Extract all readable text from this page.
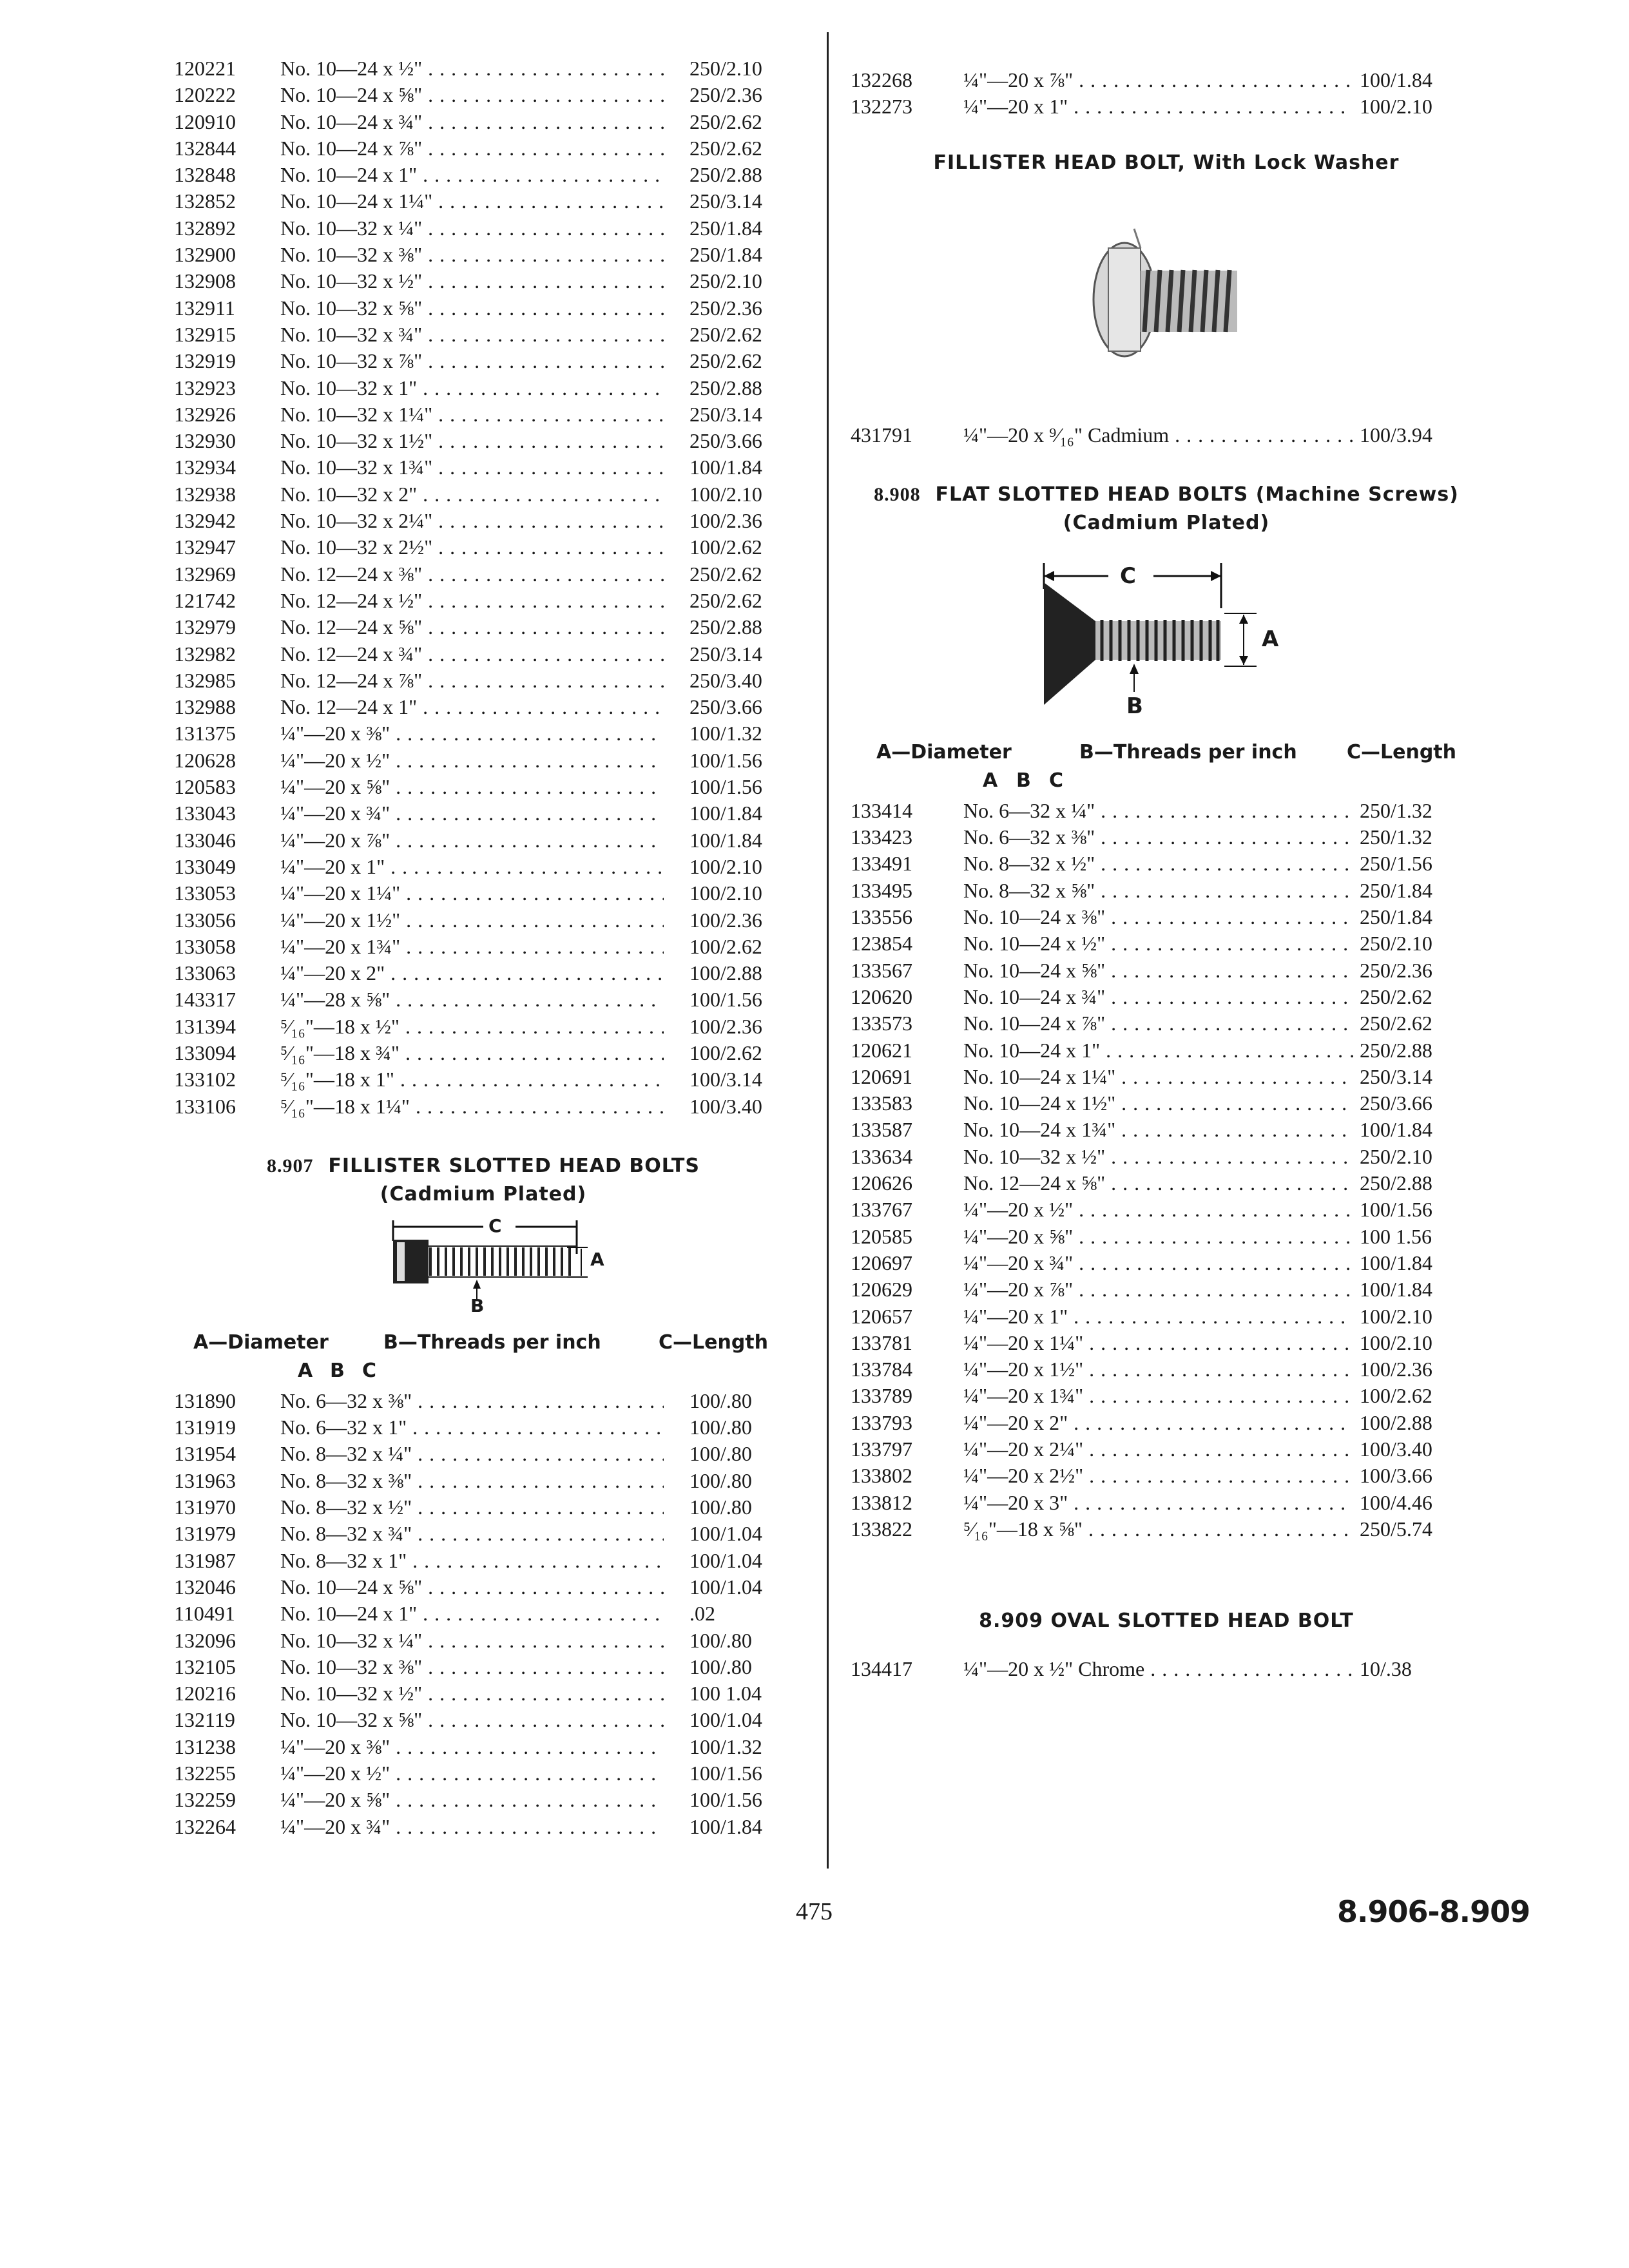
120221 No. 10—24 x ½" . . .	250/2.10
120222 No. 10—24 x ⅝" . . .	250/2.36
120910 No. 10—24 x ¾" . . .	250/2.62
132844 No. 10—24 x ⅞" . . .	250/2.62
132848 No. 10—24 x 1" . . .	250/2.88
132852 No. 10—24 x 1¼" . . .	250/3.14
132892 No. 10—32 x ¼" . . .	250/1.84
132900 No. 10—32 x ⅜" . . .	250/1.84
132908 No. 10—32 x ½" . . .	250/2.10
132911 No. 10—32 x ⅝" . . .	250/2.36
132915 No. 10—32 x ¾" . . .	250/2.62
132919 No. 10—32 x ⅞" . . .	250/2.62
132923 No. 10—32 x 1" . . .	250/2.88
132926 No. 10—32 x 1¼" . . .	250/3.14
132930 No. 10—32 x 1½" . . .	250/3.66
132934 No. 10—32 x 1¾" . . .	100/1.84
132938 No. 10—32 x 2" . . .	100/2.10
132942 No. 10—32 x 2¼" . . .	100/2.36
132947 No. 10—32 x 2½" . . .	100/2.62
132969 No. 12—24 x ⅜" . . .	250/2.62
121742 No. 12—24 x ½" . . .	250/2.62
132979 No. 12—24 x ⅝" . . .	250/2.88
132982 No. 12—24 x ¾" . . .	250/3.14
132985 No. 12—24 x ⅞" . . .	250/3.40
132988 No. 12—24 x 1" . . .	250/3.66
131375 ¼"—20 x ⅜" . . .	100/1.32
120628 ¼"—20 x ½" . . .	100/1.56
120583 ¼"—20 x ⅝" . . .	100/1.56
133043 ¼"—20 x ¾" . . .	100/1.84
133046 ¼"—20 x ⅞" . . .	100/1.84
133049 ¼"—20 x 1" . . .	100/2.10
133053 ¼"—20 x 1¼" . . .	100/2.10
133056 ¼"—20 x 1½" . . .	100/2.36
133058 ¼"—20 x 1¾" . . .	100/2.62
133063 ¼"—20 x 2" . . .	100/2.88
143317 ¼"—28 x ⅝" . . .	100/1.56
131394 ⁵⁄₁₆"—18 x ½" . . .	100/2.36
133094 ⁵⁄₁₆"—18 x ¾" . . .	100/2.62
133102 ⁵⁄₁₆"—18 x 1" . . .	100/3.14
133106 ⁵⁄₁₆"—18 x 1¼" . . .	100/3.40
8.907 FILLISTER SLOTTED HEAD BOLTS
(Cadmium Plated)
C
A
B
A—Diameter	B—Threads per inch	C—Length
A B C
131890 No. 6—32 x ⅜" . . .	100/.80
131919 No. 6—32 x 1" . . .	100/.80
131954 No. 8—32 x ¼" . . .	100/.80
131963 No. 8—32 x ⅜" . . .	100/.80
131970 No. 8—32 x ½" . . .	100/.80
131979 No. 8—32 x ¾" . . .	100/1.04
131987 No. 8—32 x 1" . . .	100/1.04
132046 No. 10—24 x ⅝" . . .	100/1.04
110491 No. 10—24 x 1" . . .	.02
132096 No. 10—32 x ¼" . . .	100/.80
132105 No. 10—32 x ⅜" . . .	100/.80
120216 No. 10—32 x ½" . . .	100 1.04
132119 No. 10—32 x ⅝" . . .	100/1.04
131238 ¼"—20 x ⅜" . . .	100/1.32
132255 ¼"—20 x ½" . . .	100/1.56
132259 ¼"—20 x ⅝" . . .	100/1.56
132264 ¼"—20 x ¾" . . .	100/1.84
132268 ¼"—20 x ⅞" . . .	100/1.84
132273 ¼"—20 x 1" . . .	100/2.10
FILLISTER HEAD BOLT, With Lock Washer
431791 ¼"—20 x ⁹⁄₁₆" Cadmium . . .	100/3.94
8.908 FLAT SLOTTED HEAD BOLTS (Machine Screws)
(Cadmium Plated)
C
A
B
A—Diameter	B—Threads per inch	C—Length
A B C
133414 No. 6—32 x ¼" . . .	250/1.32
133423 No. 6—32 x ⅜" . . .	250/1.32
133491 No. 8—32 x ½" . . .	250/1.56
133495 No. 8—32 x ⅝" . . .	250/1.84
133556 No. 10—24 x ⅜" . . .	250/1.84
123854 No. 10—24 x ½" . . .	250/2.10
133567 No. 10—24 x ⅝" . . .	250/2.36
120620 No. 10—24 x ¾" . . .	250/2.62
133573 No. 10—24 x ⅞" . . .	250/2.62
120621 No. 10—24 x 1" . . .	250/2.88
120691 No. 10—24 x 1¼" . . .	250/3.14
133583 No. 10—24 x 1½" . . .	250/3.66
133587 No. 10—24 x 1¾" . . .	100/1.84
133634 No. 10—32 x ½" . . .	250/2.10
120626 No. 12—24 x ⅝" . . .	250/2.88
133767 ¼"—20 x ½" . . .	100/1.56
120585 ¼"—20 x ⅝" . . .	100 1.56
120697 ¼"—20 x ¾" . . .	100/1.84
120629 ¼"—20 x ⅞" . . .	100/1.84
120657 ¼"—20 x 1" . . .	100/2.10
133781 ¼"—20 x 1¼" . . .	100/2.10
133784 ¼"—20 x 1½" . . .	100/2.36
133789 ¼"—20 x 1¾" . . .	100/2.62
133793 ¼"—20 x 2" . . .	100/2.88
133797 ¼"—20 x 2¼" . . .	100/3.40
133802 ¼"—20 x 2½" . . .	100/3.66
133812 ¼"—20 x 3" . . .	100/4.46
133822 ⁵⁄₁₆"—18 x ⅝" . . .	250/5.74
8.909 OVAL SLOTTED HEAD BOLT
134417 ¼"—20 x ½" Chrome . . .	10/.38
475	8.906-8.909
